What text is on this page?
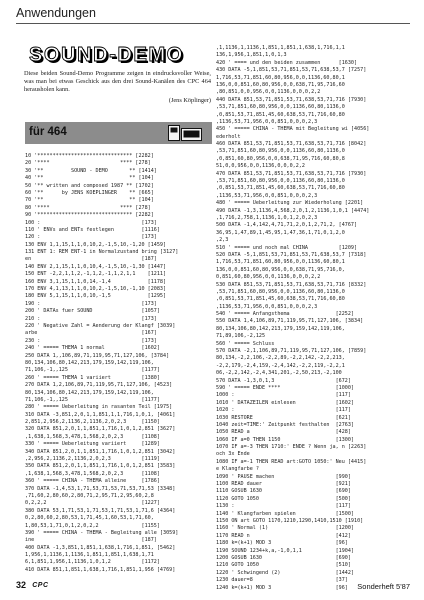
Anwendungen
SOUND-DEMO

Diese beiden Sound-Demo Programme zeigen in eindrucksvoller Weise, was man bei etwas Geschick aus den drei Sound-Kanälen des CPC 464 herausholen kann.

(Jens Köplinger)
für 464
10 '******************************* [2282]
20 '****                       **** [278]
30 '**         SOUND - DEMO       ** [1414]
40 '**                            ** [104]
50 '** written and composed 1987 ** [1702]
60 '**      by JENS KOEPLINGER    ** [665]
70 '**                            ** [104]
80 '****                       **** [278]
90 '******************************* [2282]
100 :                                 [173]
110 ' ENVs and ENTs festlegen         [1116]
120 :                                 [173]
130 ENV 1,1,15,1,1,0,10,2,-1,5,10,-1,20 [1459]
131 ENT 1: REM ENT-1 in Normalzustand bring [3127]
en                                    [187]
140 ENV 2,1,15,1,1,0,10,4,-1,5,10,-1,30 [1447]
150 ENT -2,2,1,1,2,-1,1,2,-1,1,2,1,1    [1211]
160 ENV 3,1,15,1,1,0,14,-1,4            [1178]
170 ENV 4,1,13,1,1,0,10,2,-1,5,10,-1,10 [2083]
180 ENV 5,1,15,1,1,0,10,-1,5            [1295]
190 :                                 [173]
200 ' DATAs fuer SOUND                [1057]
210 :                                 [173]
220 ' Negative Zahl = Aenderung der Klangf [3039]
arbe                                  [167]
230 :                                 [173]
240 ' ===== THEMA 1 normal            [1602]
250 DATA 1,,106,89,71,119,95,71,127,106, [3784]
80,134,106,80,142,213,179,159,142,119,106,
71,106,-1,,125                        [1177]
260 ' ===== THEMA 1 variiert          [1380]
270 DATA 1,2,106,89,71,119,95,71,127,106, [4523]
80,134,106,80,142,213,179,159,142,119,106,
71,106,-1,,125                        [1177]
280 ' ===== Ueberleitung in rasanten Teil [1975]
310 DATA -3,851,2,0,1,1,851,1,1,716,1,0,1, [4061]
2,851,2,956,2,1136,2,1136,2,0,2,3     [1150]
320 DATA 851,2,0,1,1,851,1,716,1,0,1,2,851 [3627]
,1,638,1,568,3,478,1,568,2,0,2,3      [1108]
330 ' ===== Ueberleitung variiert     [1289]
340 DATA 851,2,0,1,1,851,1,716,1,0,1,2,851 [3042]
,2,956,2,1136,2,1136,2,0,2,3          [1119]
350 DATA 851,2,0,1,1,851,1,716,1,0,1,2,851 [3583]
,1,638,1,568,3,478,1,568,2,0,2,3      [1108]
360 ' ===== CHINA - THEMA alleine     [1786]
370 DATA -1,4,53,1,71,53,71,53,71,53,71,53 [3348]
,71,60,2,80,60,2,80,71,2,95,71,2,95,60,2,8
0,2,2,2                               [1227]
380 DATA 53,1,71,53,1,71,53,1,71,53,1,71,6 [4364]
0,2,80,60,2,80,53,1,71,45,1,60,53,1,71,60,
1,80,53,1,71,0,1,2,0,2,2              [1155]
390 ' ===== CHINA - THEMA - Begleitung alle [3059]
ine                                   [187]
400 DATA -1,3,851,1,851,1,638,1,716,1,851, [5462]
1,956,1,1136,1,1136,1,851,1,851,1,638,1,71
6,1,851,1,956,1,1136,1,0,1,2          [1172]
410 DATA 851,1,851,1,638,1,716,1,851,1,956 [4769]
,1,1136,1,1136,1,851,1,851,1,638,1,716,1,1
136,1,956,1,851,1,0,1,3
420 ' ==== und den beiden zusammen      [1630]
430 DATA -5,1,851,53,71,851,53,71,638,53,7 [7257]
1,716,53,71,851,60,80,956,0,0,1136,60,80,1
136,0,0,851,60,80,956,0,0,638,71,95,716,60
,80,851,0,0,956,0,0,1136,0,0,0,2,2
440 DATA 851,53,71,851,53,71,638,53,71,716 [7930]
,53,71,851,60,80,956,0,0,1136,60,80,1136,0
,0,851,53,71,851,45,60,638,53,71,716,60,80
,1136,53,71,956,0,0,851,0,0,0,2,3
450 ' ===== CHINA - THEMA mit Begleitung wi [4056]
ederholt
460 DATA 851,53,71,851,53,71,638,53,71,716 [8042]
,53,71,851,60,80,956,0,0,1136,60,80,1136,0
,0,851,60,80,956,0,0,638,71,95,716,60,80,8
51,0,0,956,0,0,1136,0,0,0,2,2
470 DATA 851,53,71,851,53,71,638,53,71,716 [7930]
,53,71,851,60,80,956,0,0,1136,60,80,1136,0
,0,851,53,71,851,45,60,638,53,71,716,60,80
,1136,53,71,956,0,0,851,0,0,0,2,3
480 ' ===== Ueberleitung zur Wiederholung [2201]
490 DATA -1,3,1136,4,568,2,0,1,2,1136,1,0,1 [4474]
,1,716,2,758,1,1136,1,0,1,2,0,2,3
500 DATA -1,4,142,4,71,71,2,0,1,2,71,2, [4767]
36,95,1,47,89,1,45,95,1,47,36,1,71,0,1,2,0
,2,3
510 ' ===== und noch mal CHINA          [1209]
520 DATA -5,1,851,53,71,851,53,71,638,53,7 [7318]
1,716,53,71,851,60,80,956,0,0,1136,60,80,1
136,0,0,851,60,80,956,0,0,638,71,95,716,0,
0,851,60,80,956,0,0,1136,0,0,0,2,2
530 DATA 851,53,71,851,53,71,638,53,71,716 [8332]
,53,71,851,60,80,956,0,0,1136,60,80,1136,0
,0,851,53,71,851,45,60,638,53,71,716,60,80
,1136,53,71,956,0,0,851,0,0,0,2,3
540 ' ===== Anfangsthema               [2252]
550 DATA 1,4,106,89,71,119,95,71,127,106, [3834]
80,134,106,80,142,213,179,159,142,119,106,
71,89,106,-2,125
560 ' ===== Schluss
570 DATA -2,1,106,89,71,119,95,71,127,106, [7859]
80,134,-2,2,106,-2,2,89,-2,2,142,-2,2,213,
-2,2,179,-2,4,159,-2,4,142,-2,2,119,-2,2,1
06,-2,2,142,-2,4,341,201,-2,50,213,-2,100
570 DATA -1,3,0,1,3                    [672]
590 ' ===== ENDE ****                  [1000]
1000 :                                 [117]
1010 ' DATAZEILEN einlesen             [1602]
1020 :                                 [117]
1030 RESTORE                           [621]
1040 zeit=TIME:' Zeitpunkt festhalten  [2763]
1050 READ a                            [428]
1060 IF a=0 THEN 1150                  [1300]
1070 IF a=-3 THEN 1710:' ENDE ? Wenn ja, n [2263]
och 3x Ende
1080 IF a=-1 THEN READ art:GOTO 1050:' Neu [4415]
e Klangfarbe ?
1090 ' PAUSE machen                    [990]
1100 READ dauer                        [921]
1110 GOSUB 1630                        [690]
1120 GOTO 1050                         [500]
1130 :                                 [117]
1140 ' Klangfarben spielen             [1500]
1150 ON art GOTO 1170,1210,1290,1410,1510 [1910]
1160 ' Normal (1)                      [1200]
1170 READ n                            [412]
1180 k=(k+1) MOD 3                     [96]
1190 SOUND 1234+k,a,-1,0,1,1           [1904]
1200 GOSUB 1630                        [690]
1210 GOTO 1050                         [510]
1220 ' Schwingend (2)                  [1442]
1230 dauer=8                           [37]
1240 k=(k+1) MOD 3                     [96]
32 CPC	Sonderheft 5'87
